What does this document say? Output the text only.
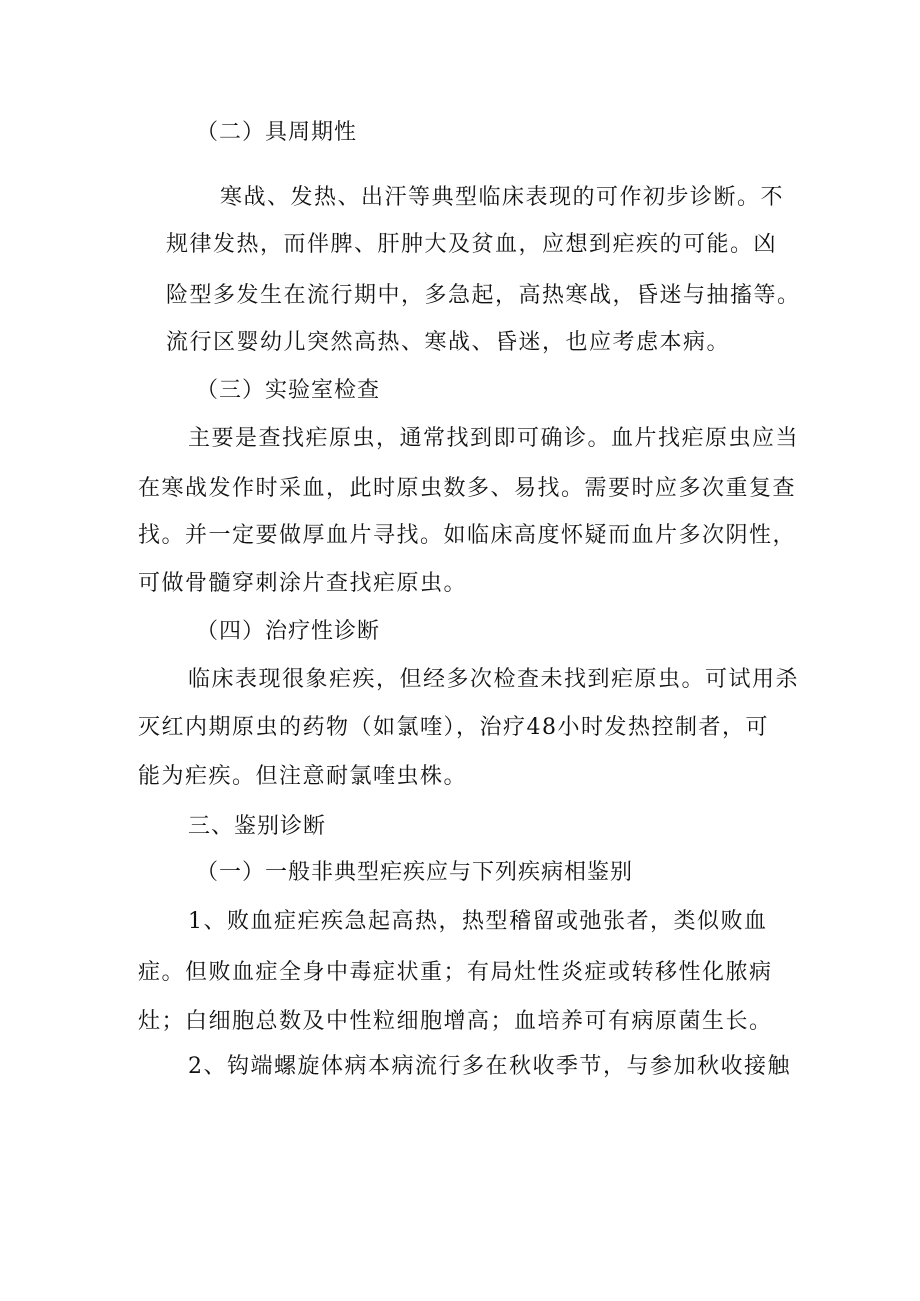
（二）具周期性
寒战、发热、出汗等典型临床表现的可作初步诊断。不
规律发热，而伴脾、肝肿大及贫血，应想到疟疾的可能。凶
险型多发生在流行期中，多急起，高热寒战，昏迷与抽搐等。
流行区婴幼儿突然高热、寒战、昏迷，也应考虑本病。
（三）实验室检查
主要是查找疟原虫，通常找到即可确诊。血片找疟原虫应当
在寒战发作时采血，此时原虫数多、易找。需要时应多次重复查
找。并一定要做厚血片寻找。如临床高度怀疑而血片多次阴性，
可做骨髓穿刺涂片查找疟原虫。
（四）治疗性诊断
临床表现很象疟疾，但经多次检查未找到疟原虫。可试用杀
灭红内期原虫的药物（如氯喹），治疗48小时发热控制者，可
能为疟疾。但注意耐氯喹虫株。
三、鉴别诊断
（一）一般非典型疟疾应与下列疾病相鉴别
1、败血症疟疾急起高热，热型稽留或弛张者，类似败血
症。但败血症全身中毒症状重；有局灶性炎症或转移性化脓病
灶；白细胞总数及中性粒细胞增高；血培养可有病原菌生长。
2、钩端螺旋体病本病流行多在秋收季节，与参加秋收接触
